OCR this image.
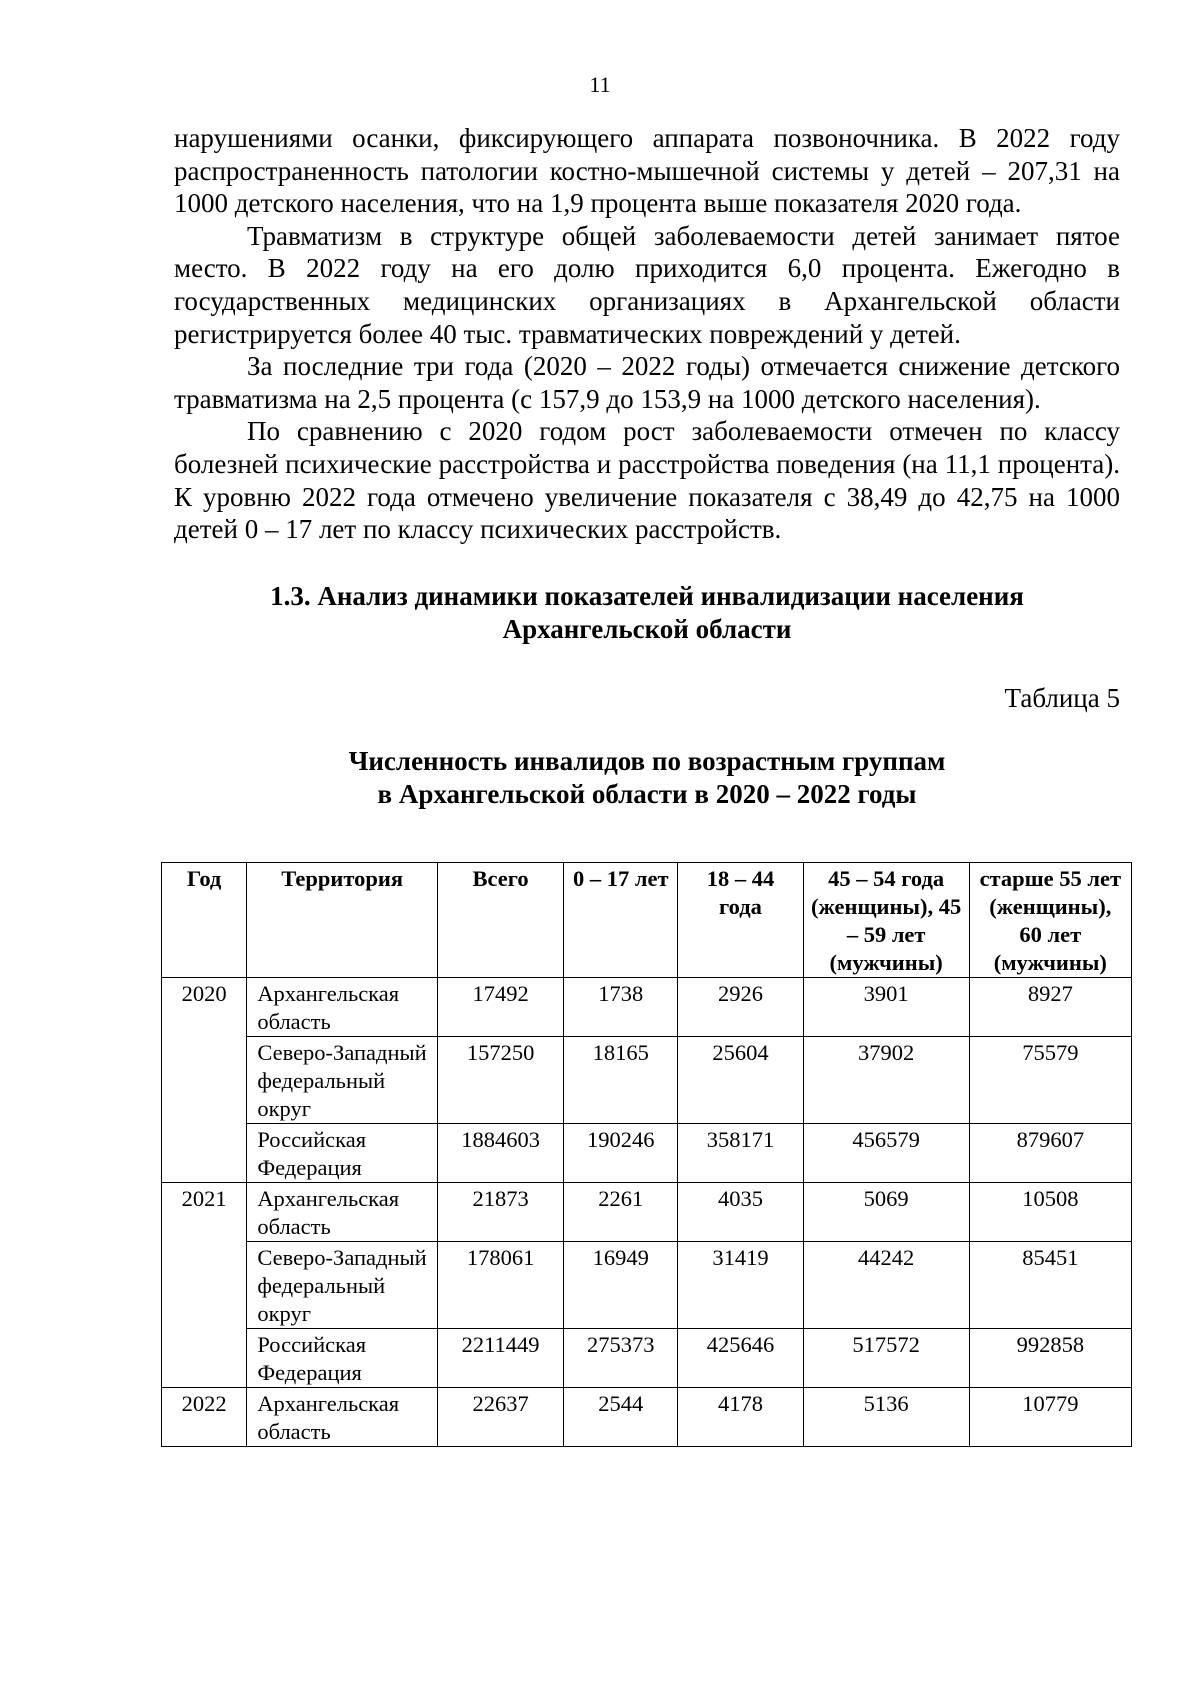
11

нарушениями осанки, фиксирующего аппарата позвоночника. В 2022 году распространенность патологии костно-мышечной системы у детей – 207,31 на 1000 детского населения, что на 1,9 процента выше показателя 2020 года.

Травматизм в структуре общей заболеваемости детей занимает пятое место. В 2022 году на его долю приходится 6,0 процента. Ежегодно в государственных медицинских организациях в Архангельской области регистрируется более 40 тыс. травматических повреждений у детей.

За последние три года (2020 – 2022 годы) отмечается снижение детского травматизма на 2,5 процента (с 157,9 до 153,9 на 1000 детского населения).

По сравнению с 2020 годом рост заболеваемости отмечен по классу болезней психические расстройства и расстройства поведения (на 11,1 процента). К уровню 2022 года отмечено увеличение показателя с 38,49 до 42,75 на 1000 детей 0 – 17 лет по классу психических расстройств.

1.3. Анализ динамики показателей инвалидизации населения
Архангельской области
Таблица 5
Численность инвалидов по возрастным группам
в Архангельской области в 2020 – 2022 годы
Год	Территория	Всего	0 – 17 лет	18 – 44 года	45 – 54 года (женщины), 45 – 59 лет (мужчины)	старше 55 лет (женщины), 60 лет (мужчины)
2020	Архангельская область	17492	1738	2926	3901	8927
	Северо-Западный федеральный округ	157250	18165	25604	37902	75579
	Российская Федерация	1884603	190246	358171	456579	879607
2021	Архангельская область	21873	2261	4035	5069	10508
	Северо-Западный федеральный округ	178061	16949	31419	44242	85451
	Российская Федерация	2211449	275373	425646	517572	992858
2022	Архангельская область	22637	2544	4178	5136	10779
